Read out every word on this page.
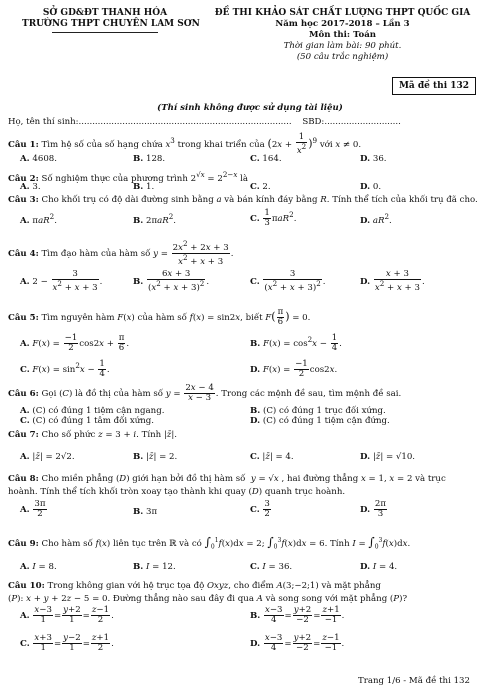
SỞ GD&ĐT THANH HÓA
TRƯỜNG THPT CHUYÊN LAM SƠN
ĐỀ THI KHẢO SÁT CHẤT LƯỢNG THPT QUỐC GIA
Năm học 2017-2018 – Lần 3
Môn thi: Toán
Thời gian làm bài: 90 phút.
(50 câu trắc nghiệm)
Mã đề thi 132
(Thí sinh không được sử dụng tài liệu)
Họ, tên thí sinh:.............................................................................. SBD:............................
Câu 1: Tìm hệ số của số hạng chứa $x^3$ trong khai triển của $(2x + \frac{1}{x^2} )^9$ với x ≠ 0.
A. 4608.	B. 128.	C. 164.	D. 36.
Câu 2: Số nghiệm thực của phương trình $2^{√x} = 2^{2-x}$ là
A. 3.	B. 1.	C. 2.	D. 0.
Câu 3: Cho khối trụ có độ dài đường sinh bằng a và bán kính đáy bằng R. Tính thể tích của khối trụ đã cho.
A. πaR$^2$.	B. 2πaR$^2$.	C. $\frac{1}{3} \pi aR^2$.	D. $aR^2$.
Câu 4: Tìm đạo hàm của hàm số $y = \frac{2x^2 + 2x + 3}{x^2 + x + 3}$ .
A. $2 - \frac{3}{x^2 + x + 3}$ .	B. $\frac{6x + 3}{(x^2 + x + 3)^2}$ .	C. $\frac{3}{(x^2 + x + 3)^2}$ .	D. $\frac{x + 3}{x^2 + x + 3}$ .
Câu 5: Tìm nguyên hàm F(x) của hàm số f(x) = sin2x, biết $F( \frac{\pi}{6}$ ) = 0.
A. $F(x) = \frac{-1}{2} \cos 2x + \frac{\pi}{6}$ .	B. $F(x) = \cos^2x - \frac{1}{4}$ .
C. $F(x) = \sin^2x - \frac{1}{4}$ .	D. $F(x) = \frac{-1}{2} \cos 2x$.
Câu 6: Gọi (C) là đồ thị của hàm số $y = \frac{2x - 4}{x - 3}$ . Trong các mệnh đề sau, tìm mệnh đề sai.
A. (C) có đúng 1 tiệm cận ngang.	B. (C) có đúng 1 trục đối xứng.
C. (C) có đúng 1 tâm đối xứng.	D. (C) có đúng 1 tiệm cận đứng.
Câu 7: Cho số phức z = 3 + i. Tính |z̄|.
A. |z̄| = 2√2.	B. |z̄| = 2.	C. |z̄| = 4.	D. |z̄| = √10.
Câu 8: Cho miền phẳng (D) giới hạn bởi đồ thị hàm số  y = √x , hai đường thẳng x = 1, x = 2 và trục
hoành. Tính thể tích khối tròn xoay tạo thành khi quay (D) quanh trục hoành.
A. $\frac{3\pi}{2}$	B. 3π	C. $\frac{3}{2}$	D. $\frac{2\pi}{3}$
Câu 9: Cho hàm số f(x) liên tục trên ℝ và có $\int_0^1f(x)dx = 2$; $\int_0^3f(x)dx = 6$. Tính $I = \int_0^3f(x)dx$.
A. I = 8.	B. I = 12.	C. I = 36.	D. I = 4.
Câu 10: Trong không gian với hệ trục tọa độ Oxyz, cho điểm A(3;−2;1) và mặt phẳng
(P): x + y + 2z − 5 = 0. Đường thẳng nào sau đây đi qua A và song song với mặt phẳng (P)?
A. $\frac{x-3}{1} = \frac{y+2}{1} = \frac{z-1}{2}$ .	B. $\frac{x-3}{4} = \frac{y+2}{-2} = \frac{z+1}{-1}$ .
C. $\frac{x+3}{1} = \frac{y-2}{1} = \frac{z+1}{2}$ .	D. $\frac{x-3}{4} = \frac{y+2}{-2} = \frac{z-1}{-1}$ .
Trang 1/6 - Mã đề thi 132
